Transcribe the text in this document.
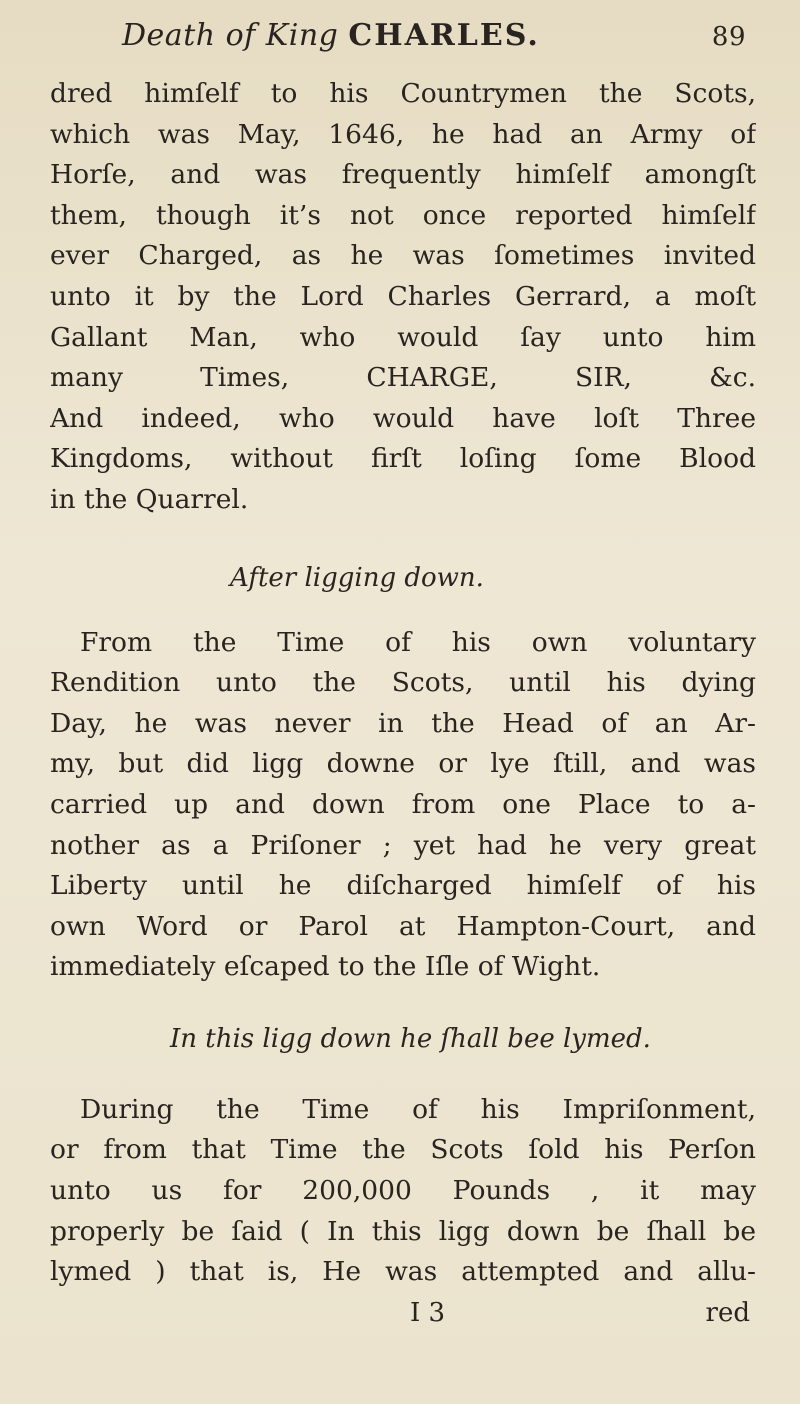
Death of King CHARLES.	89
dred himſelf to his Countrymen the Scots,
which was May, 1646, he had an Army of
Horſe, and was frequently himſelf amongſt
them, though it’s not once reported himſelf
ever Charged, as he was ſometimes invited
unto it by the Lord Charles Gerrard, a moſt
Gallant Man, who would ſay unto him
many Times, CHARGE, SIR, &c.
And indeed, who would have loſt Three
Kingdoms, without firſt loſing ſome Blood
in the Quarrel.
After ligging down.
From the Time of his own voluntary
Rendition unto the Scots, until his dying
Day, he was never in the Head of an Ar-
my, but did ligg downe or lye ſtill, and was
carried up and down from one Place to a-
nother as a Priſoner ; yet had he very great
Liberty until he diſcharged himſelf of his
own Word or Parol at Hampton-Court, and
immediately eſcaped to the Iſle of Wight.
In this ligg down he ſhall bee lymed.
During the Time of his Impriſonment,
or from that Time the Scots ſold his Perſon
unto us for 200,000 Pounds , it may
properly be ſaid ( In this ligg down be ſhall be
lymed ) that is, He was attempted and allu-
I 3	red
